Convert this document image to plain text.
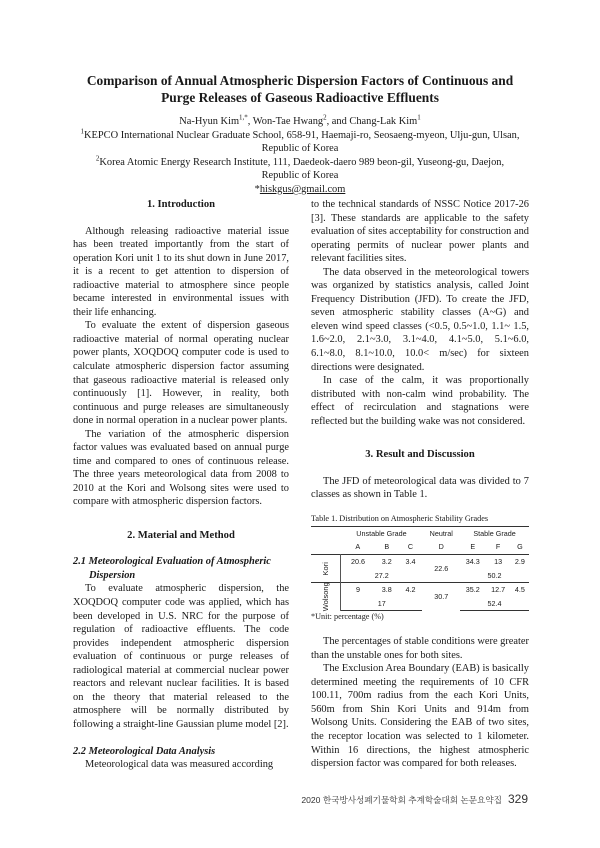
Comparison of Annual Atmospheric Dispersion Factors of Continuous and
Purge Releases of Gaseous Radioactive Effluents

Na-Hyun Kim$^{1,*}$, Won-Tae Hwang$^2$, and Chang-Lak Kim$^1$

$^1$KEPCO International Nuclear Graduate School, 658-91, Haemaji-ro, Seosaeng-myeon, Ulju-gun, Ulsan,

Republic of Korea

$^2$Korea Atomic Energy Research Institute, 111, Daedeok-daero 989 beon-gil, Yuseong-gu, Daejon,

Republic of Korea

*hiskgus@gmail.com

1. Introduction

Although releasing radioactive material issue has been treated importantly from the start of operation Kori unit 1 to its shut down in June 2017, it is a recent to get attention to dispersion of radioactive material to atmosphere since people became interested in environmental issues with their life enhancing.

To evaluate the extent of dispersion gaseous radioactive material of normal operating nuclear power plants, XOQDOQ computer code is used to calculate atmospheric dispersion factor assuming that gaseous radioactive material is released only continuously [1]. However, in reality, both continuous and purge releases are simultaneously done in normal operation in a nuclear power plants.

The variation of the atmospheric dispersion factor values was evaluated based on annual purge time and compared to ones of continuous release. The three years meteorological data from 2008 to 2010 at the Kori and Wolsong sites were used to compare with atmospheric dispersion factors.

2. Material and Method
2.1 Meteorological Evaluation of Atmospheric
Dispersion

To evaluate atmospheric dispersion, the XOQDOQ computer code was applied, which has been developed in U.S. NRC for the purpose of regulation of radioactive effluents. The code provides independent atmospheric dispersion evaluation of continuous or purge releases of radiological material at commercial nuclear power reactors and relevant nuclear facilities. It is based on the theory that material released to the atmosphere will be normally distributed by following a straight-line Gaussian plume model [2].

2.2 Meteorological Data Analysis

Meteorological data was measured according

to the technical standards of NSSC Notice 2017-26 [3]. These standards are applicable to the safety evaluation of sites acceptability for construction and operating permits of nuclear power plants and relevant facilities sites.

The data observed in the meteorological towers was organized by statistics analysis, called Joint Frequency Distribution (JFD). To create the JFD, seven atmospheric stability classes (A~G) and eleven wind speed classes (<0.5, 0.5~1.0, 1.1~ 1.5, 1.6~2.0, 2.1~3.0, 3.1~4.0, 4.1~5.0, 5.1~6.0, 6.1~8.0, 8.1~10.0, 10.0< m/sec) for sixteen directions were designated.

In case of the calm, it was proportionally distributed with non-calm wind probability. The effect of recirculation and stagnations were reflected but the building wake was not considered.

3. Result and Discussion

The JFD of meteorological data was divided to 7 classes as shown in Table 1.

Table 1. Distribution on Atmospheric Stability Grades
	Unstable Grade			Neutral	Stable Grade		
	A	B	C	D	E	F	G
Kori	20.6	3.2	3.4	22.6	34.3	13	2.9
	27.2				50.2		
Wolsong	9	3.8	4.2	30.7	35.2	12.7	4.5
	17				52.4		
*Unit: percentage (%)

The percentages of stable conditions were greater than the unstable ones for both sites.

The Exclusion Area Boundary (EAB) is basically determined meeting the requirements of 10 CFR 100.11, 700m radius from the each Kori Units, 560m from Shin Kori Units and 914m from Wolsong Units. Considering the EAB of two sites, the receptor location was selected to 1 kilometer. Within 16 directions, the highest atmospheric dispersion factor was compared for both releases.

2020 한국방사성폐기물학회 추계학술대회 논문요약집 329
